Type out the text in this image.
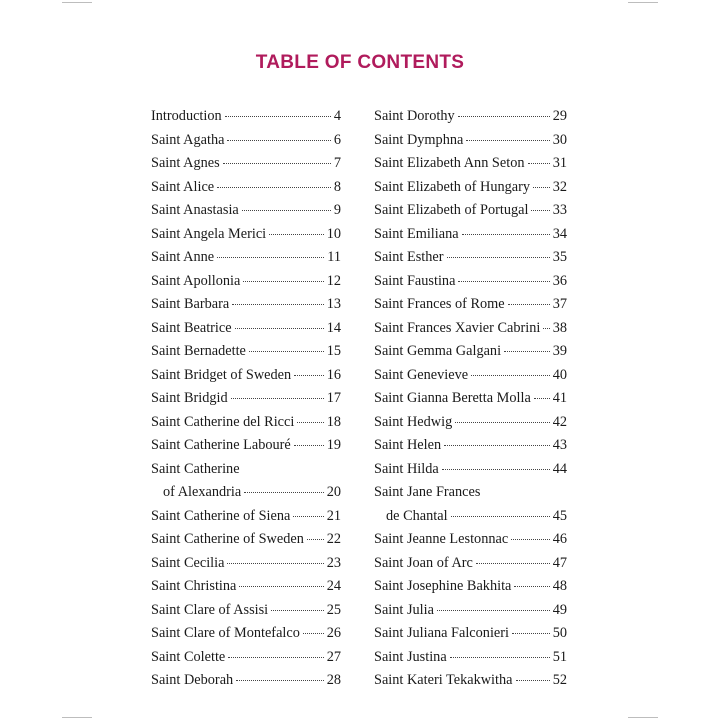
TABLE OF CONTENTS
Introduction	4
Saint Agatha	6
Saint Agnes	7
Saint Alice	8
Saint Anastasia	9
Saint Angela Merici	10
Saint Anne	11
Saint Apollonia	12
Saint Barbara	13
Saint Beatrice	14
Saint Bernadette	15
Saint Bridget of Sweden 16
Saint Bridgid	17
Saint Catherine del Ricci 18
Saint Catherine Labouré	19
Saint Catherine
of Alexandria	20
Saint Catherine of Siena	21
Saint Catherine of Sweden 22
Saint Cecilia	23
Saint Christina	24
Saint Clare of Assisi	25
Saint Clare of Montefalco 26
Saint Colette	27
Saint Deborah	28
Saint Dorothy	29
Saint Dymphna	30
Saint Elizabeth Ann Seton 31
Saint Elizabeth of Hungary 32
Saint Elizabeth of Portugal 33
Saint Emiliana	34
Saint Esther	35
Saint Faustina	36
Saint Frances of Rome	37
Saint Frances Xavier Cabrini 38
Saint Gemma Galgani	39
Saint Genevieve	40
Saint Gianna Beretta Molla 41
Saint Hedwig	42
Saint Helen	43
Saint Hilda	44
Saint Jane Frances
de Chantal	45
Saint Jeanne Lestonnac	46
Saint Joan of Arc	47
Saint Josephine Bakhita	48
Saint Julia	49
Saint Juliana Falconieri	50
Saint Justina	51
Saint Kateri Tekakwitha	52
